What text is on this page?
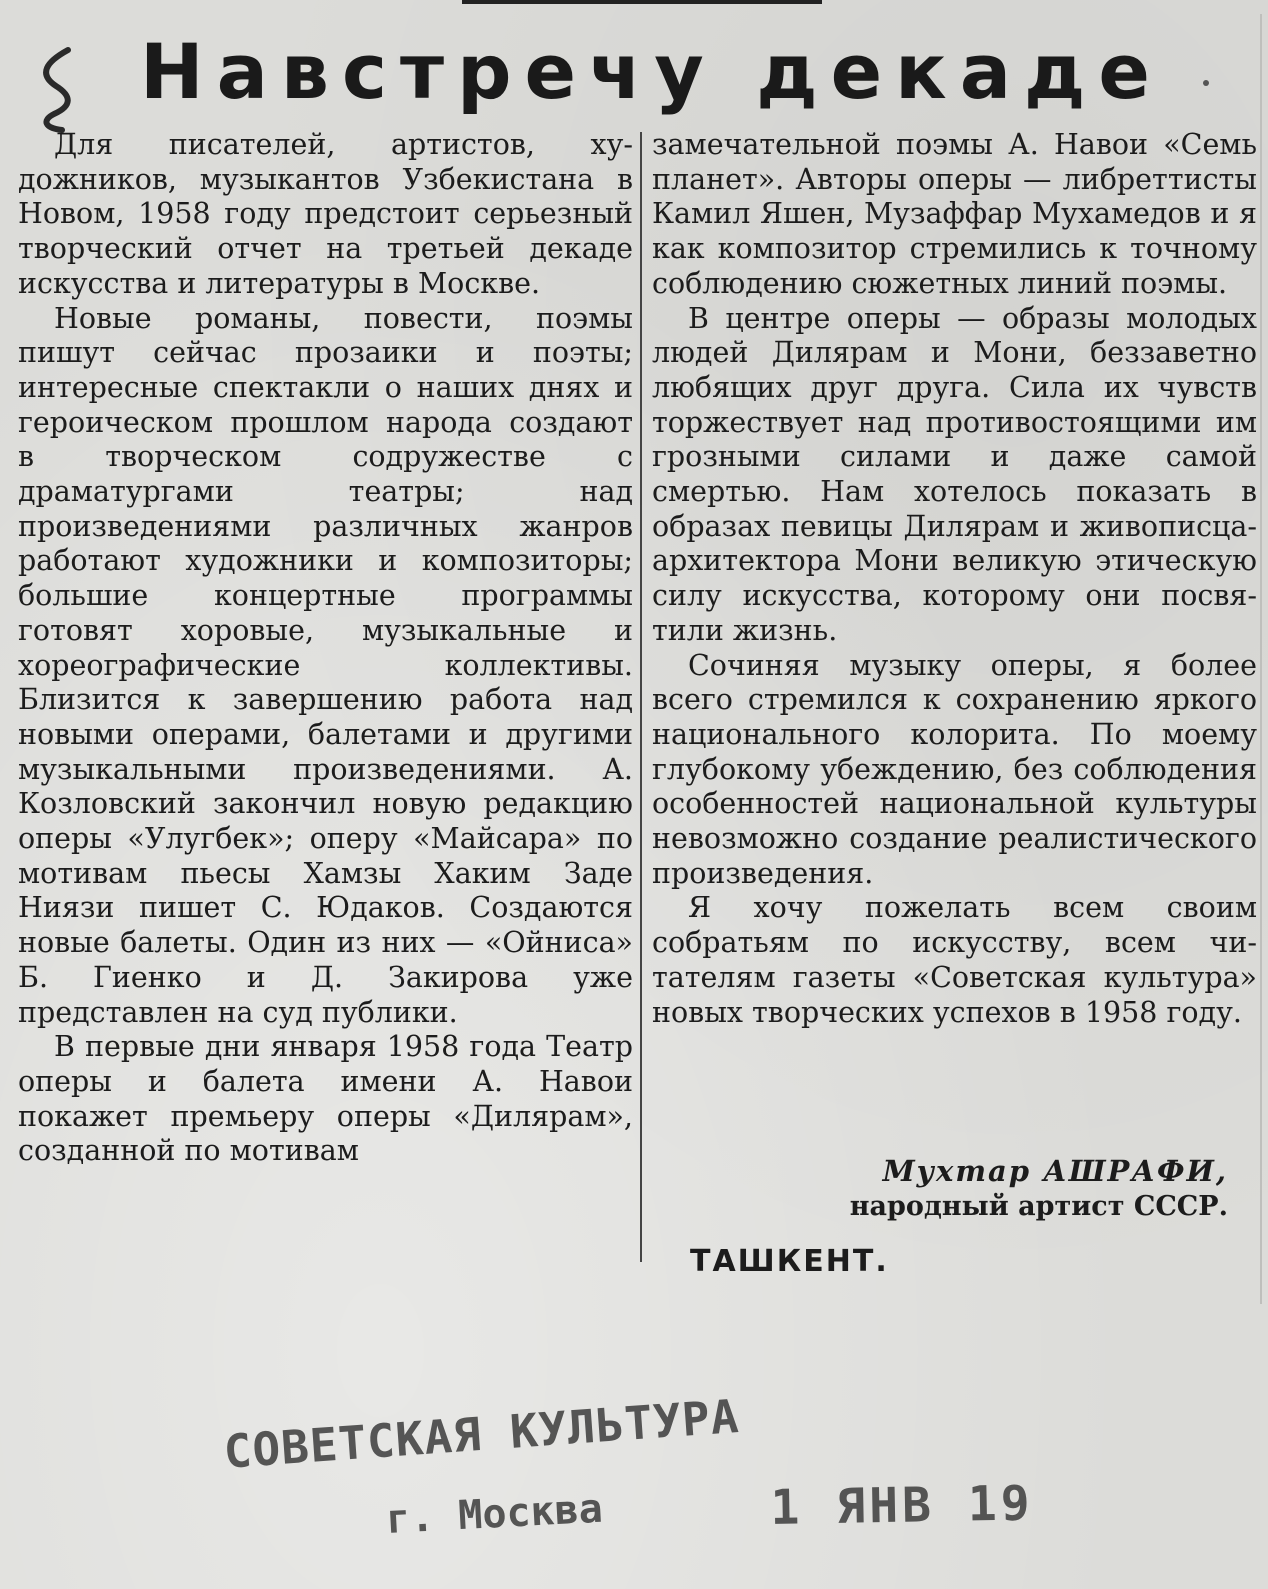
Навстречу декаде

Для писателей, артистов, художников, музыкантов Узбекистана в Новом, 1958 году предстоит серьезный творческий отчет на третьей декаде искусства и литературы в Москве.

Новые романы, повести, поэмы пишут сейчас прозаики и поэты; интересные спектакли о наших днях и героическом прошлом народа создают в творческом содружестве с драматургами театры; над произведениями различных жанров работают художники и композиторы; большие концертные программы готовят хоровые, музыкальные и хореографические коллективы. Близится к завершению работа над новыми операми, балетами и другими музыкальными произведениями. А. Козловский закончил новую редакцию оперы «Улугбек»; оперу «Майсара» по мотивам пьесы Хамзы Хаким Заде Ниязи пишет С. Юдаков. Создаются новые балеты. Один из них — «Ойниса» Б. Гиенко и Д. Закирова уже представлен на суд публики.

В первые дни января 1958 года Театр оперы и балета имени А. Навои покажет премьеру оперы «Дилярам», созданной по мотивам

замечательной поэмы А. Навои «Семь планет». Авторы оперы — либреттисты Камил Яшен, Музаффар Мухамедов и я как композитор стремились к точному соблюдению сюжетных линий поэмы.

В центре оперы — образы молодых людей Дилярам и Мони, беззаветно любящих друг друга. Сила их чувств торжествует над противостоящими им грозными силами и даже самой смертью. Нам хотелось показать в образах певицы Дилярам и живописца-архитектора Мони великую этическую силу искусства, которому они посвятили жизнь.

Сочиняя музыку оперы, я более всего стремился к сохранению яркого национального колорита. По моему глубокому убеждению, без соблюдения особенностей национальной культуры невозможно создание реалистического произведения.

Я хочу пожелать всем своим собратьям по искусству, всем читателям газеты «Советская культура» новых творческих успехов в 1958 году.

Мухтар АШРАФИ,
народный артист СССР.
ТАШКЕНТ.
СОВЕТСКАЯ КУЛЬТУРА
г. Москва	1 ЯНВ 19
